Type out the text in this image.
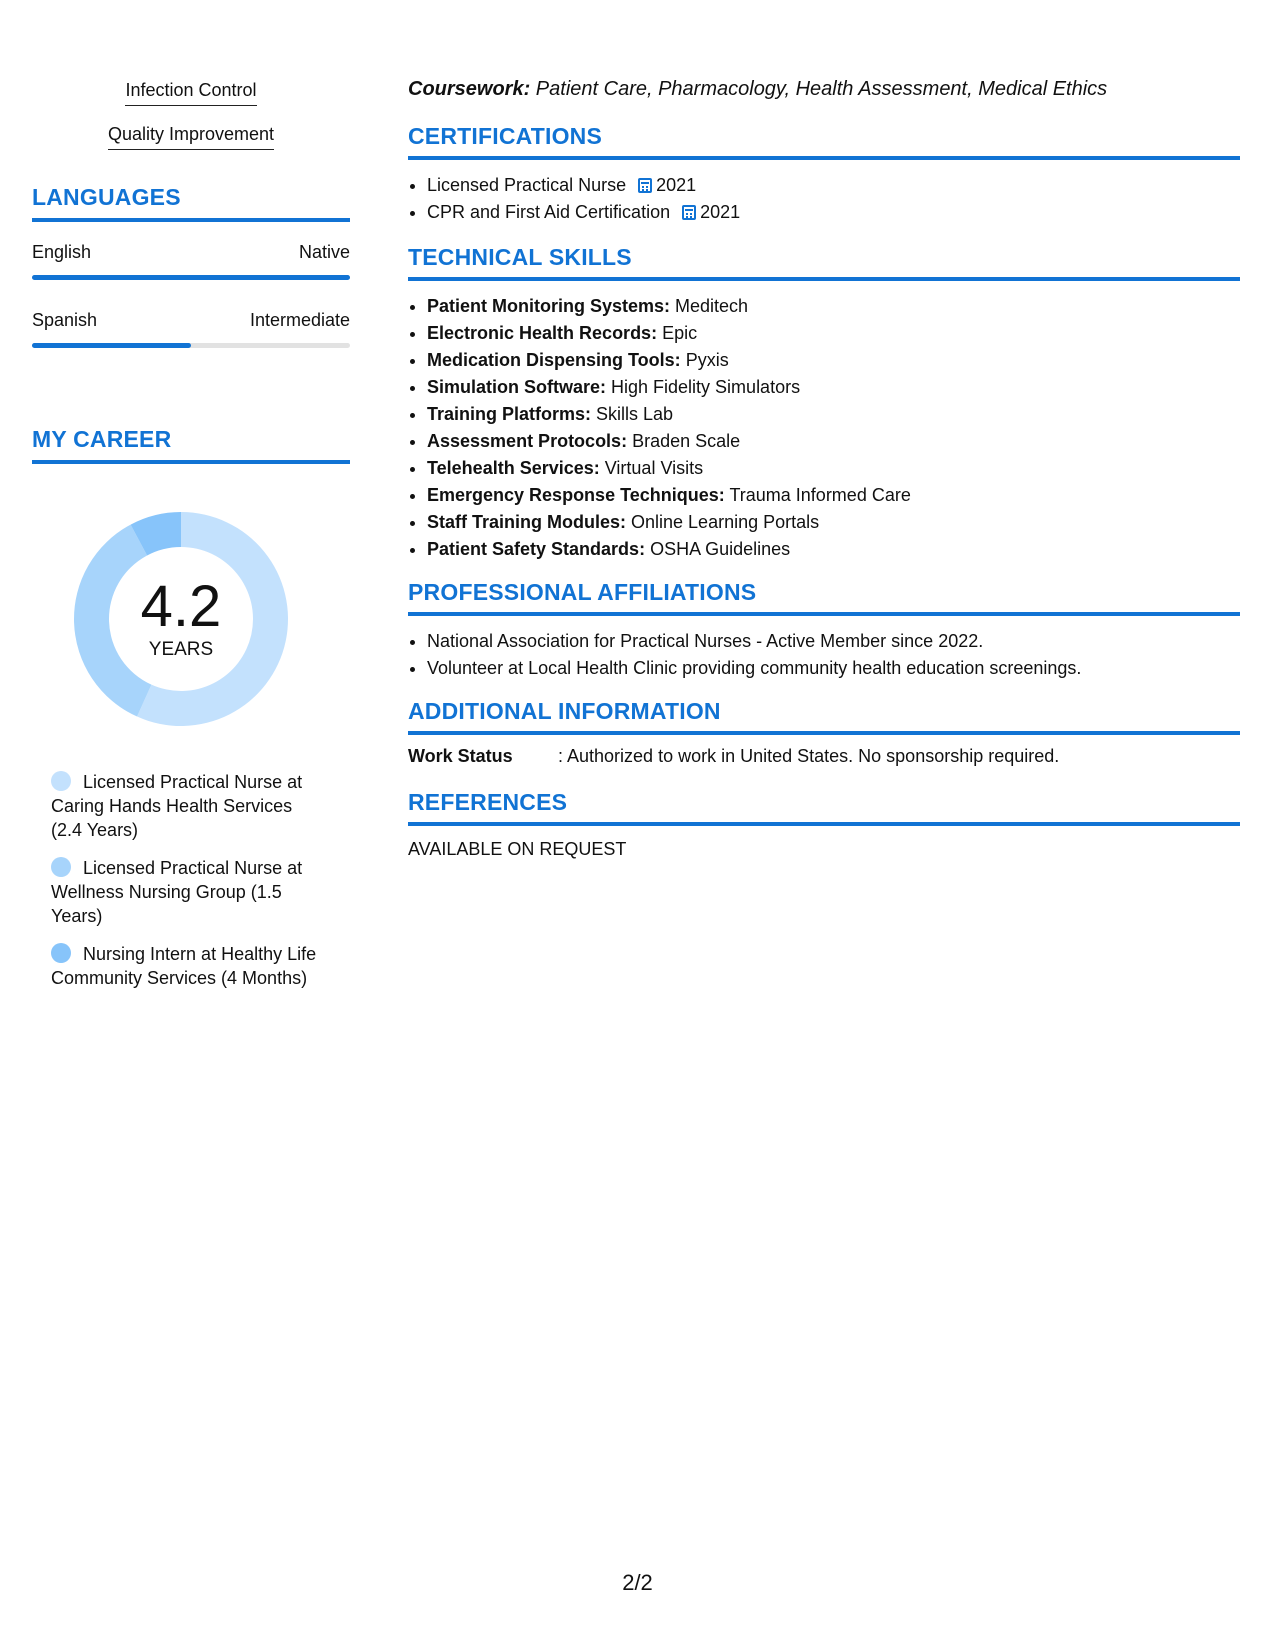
Infection Control
Quality Improvement
LANGUAGES
English	Native
Spanish	Intermediate
MY CAREER
4.2
YEARS
Licensed Practical Nurse at Caring Hands Health Services (2.4 Years)
Licensed Practical Nurse at Wellness Nursing Group (1.5 Years)
Nursing Intern at Healthy Life Community Services (4 Months)
Coursework: Patient Care, Pharmacology, Health Assessment, Medical Ethics
CERTIFICATIONS
• Licensed Practical Nurse 2021
• CPR and First Aid Certification 2021
TECHNICAL SKILLS
• Patient Monitoring Systems: Meditech
• Electronic Health Records: Epic
• Medication Dispensing Tools: Pyxis
• Simulation Software: High Fidelity Simulators
• Training Platforms: Skills Lab
• Assessment Protocols: Braden Scale
• Telehealth Services: Virtual Visits
• Emergency Response Techniques: Trauma Informed Care
• Staff Training Modules: Online Learning Portals
• Patient Safety Standards: OSHA Guidelines
PROFESSIONAL AFFILIATIONS
• National Association for Practical Nurses - Active Member since 2022.
• Volunteer at Local Health Clinic providing community health education screenings.
ADDITIONAL INFORMATION
Work Status	: Authorized to work in United States. No sponsorship required.
REFERENCES
AVAILABLE ON REQUEST
2/2
